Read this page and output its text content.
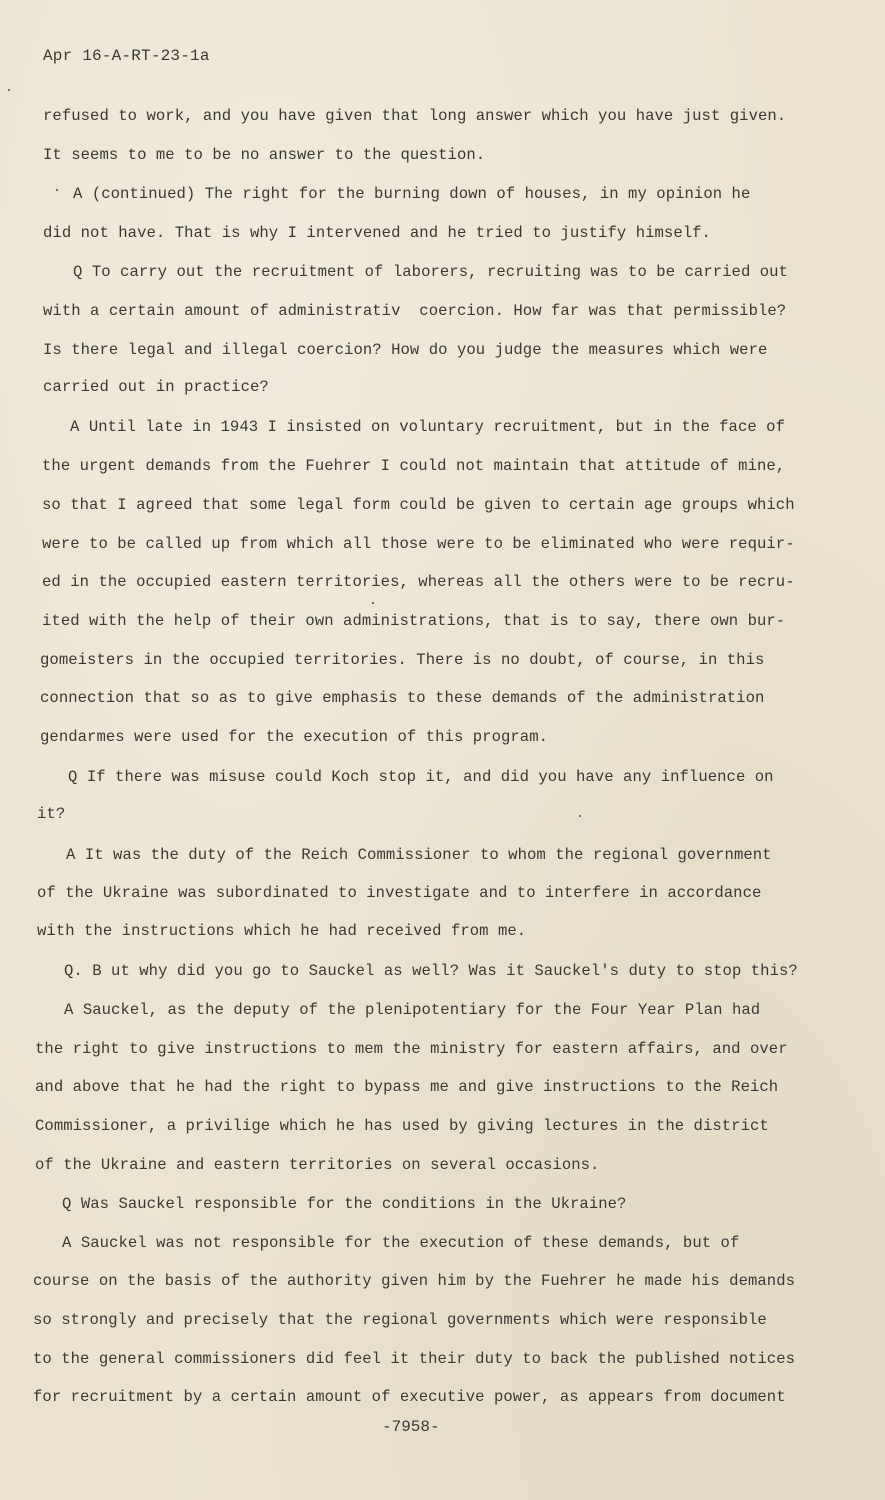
Apr 16-A-RT-23-1a
refused to work, and you have given that long answer which you have just given.
It seems to me to be no answer to the question.
A (continued) The right for the burning down of houses, in my opinion he
did not have. That is why I intervened and he tried to justify himself.
Q To carry out the recruitment of laborers, recruiting was to be carried out
with a certain amount of administrativ  coercion. How far was that permissible?
Is there legal and illegal coercion? How do you judge the measures which were
carried out in practice?
A Until late in 1943 I insisted on voluntary recruitment, but in the face of
the urgent demands from the Fuehrer I could not maintain that attitude of mine,
so that I agreed that some legal form could be given to certain age groups which
were to be called up from which all those were to be eliminated who were requir-
ed in the occupied eastern territories, whereas all the others were to be recru-
ited with the help of their own administrations, that is to say, there own bur-
gomeisters in the occupied territories. There is no doubt, of course, in this
connection that so as to give emphasis to these demands of the administration
gendarmes were used for the execution of this program.
Q If there was misuse could Koch stop it, and did you have any influence on
it?
A It was the duty of the Reich Commissioner to whom the regional government
of the Ukraine was subordinated to investigate and to interfere in accordance
with the instructions which he had received from me.
Q. B ut why did you go to Sauckel as well? Was it Sauckel's duty to stop this?
A Sauckel, as the deputy of the plenipotentiary for the Four Year Plan had
the right to give instructions to mem the ministry for eastern affairs, and over
and above that he had the right to bypass me and give instructions to the Reich
Commissioner, a privilige which he has used by giving lectures in the district
of the Ukraine and eastern territories on several occasions.
Q Was Sauckel responsible for the conditions in the Ukraine?
A Sauckel was not responsible for the execution of these demands, but of
course on the basis of the authority given him by the Fuehrer he made his demands
so strongly and precisely that the regional governments which were responsible
to the general commissioners did feel it their duty to back the published notices
for recruitment by a certain amount of executive power, as appears from document
-7958-
